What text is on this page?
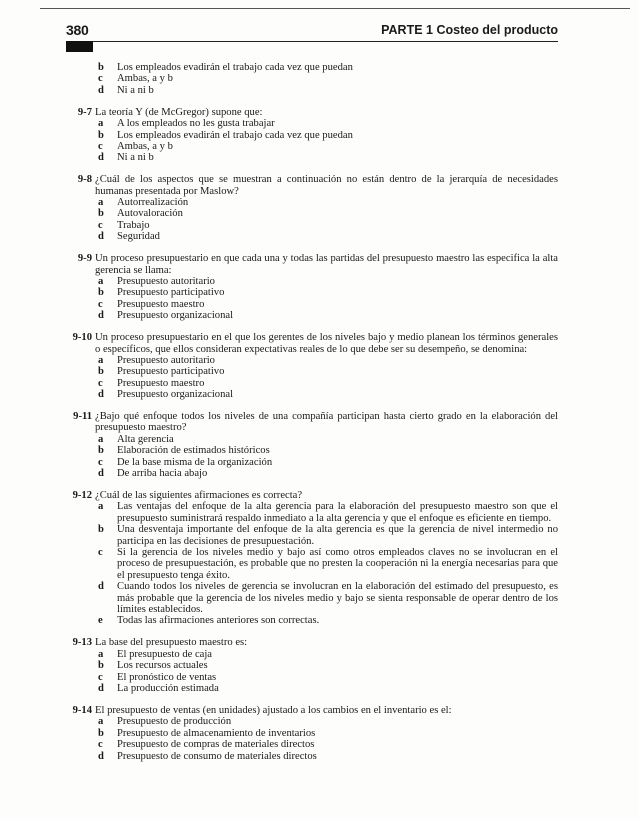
380	PARTE 1 Costeo del producto
b Los empleados evadirán el trabajo cada vez que puedan
c Ambas, a y b
d Ni a ni b
9-7 La teoría Y (de McGregor) supone que:
a A los empleados no les gusta trabajar
b Los empleados evadirán el trabajo cada vez que puedan
c Ambas, a y b
d Ni a ni b
9-8 ¿Cuál de los aspectos que se muestran a continuación no están dentro de la jerarquía de necesidades humanas presentada por Maslow?
a Autorrealización
b Autovaloración
c Trabajo
d Seguridad
9-9 Un proceso presupuestario en que cada una y todas las partidas del presupuesto maestro las especifica la alta gerencia se llama:
a Presupuesto autoritario
b Presupuesto participativo
c Presupuesto maestro
d Presupuesto organizacional
9-10 Un proceso presupuestario en el que los gerentes de los niveles bajo y medio planean los términos generales o específicos, que ellos consideran expectativas reales de lo que debe ser su desempeño, se denomina:
a Presupuesto autoritario
b Presupuesto participativo
c Presupuesto maestro
d Presupuesto organizacional
9-11 ¿Bajo qué enfoque todos los niveles de una compañía participan hasta cierto grado en la elaboración del presupuesto maestro?
a Alta gerencia
b Elaboración de estimados históricos
c De la base misma de la organización
d De arriba hacia abajo
9-12 ¿Cuál de las siguientes afirmaciones es correcta?
a Las ventajas del enfoque de la alta gerencia para la elaboración del presupuesto maestro son que el presupuesto suministrará respaldo inmediato a la alta gerencia y que el enfoque es eficiente en tiempo.
b Una desventaja importante del enfoque de la alta gerencia es que la gerencia de nivel intermedio no participa en las decisiones de presupuestación.
c Si la gerencia de los niveles medio y bajo así como otros empleados claves no se involucran en el proceso de presupuestación, es probable que no presten la cooperación ni la energía necesarias para que el presupuesto tenga éxito.
d Cuando todos los niveles de gerencia se involucran en la elaboración del estimado del presupuesto, es más probable que la gerencia de los niveles medio y bajo se sienta responsable de operar dentro de los límites establecidos.
e Todas las afirmaciones anteriores son correctas.
9-13 La base del presupuesto maestro es:
a El presupuesto de caja
b Los recursos actuales
c El pronóstico de ventas
d La producción estimada
9-14 El presupuesto de ventas (en unidades) ajustado a los cambios en el inventario es el:
a Presupuesto de producción
b Presupuesto de almacenamiento de inventarios
c Presupuesto de compras de materiales directos
d Presupuesto de consumo de materiales directos
